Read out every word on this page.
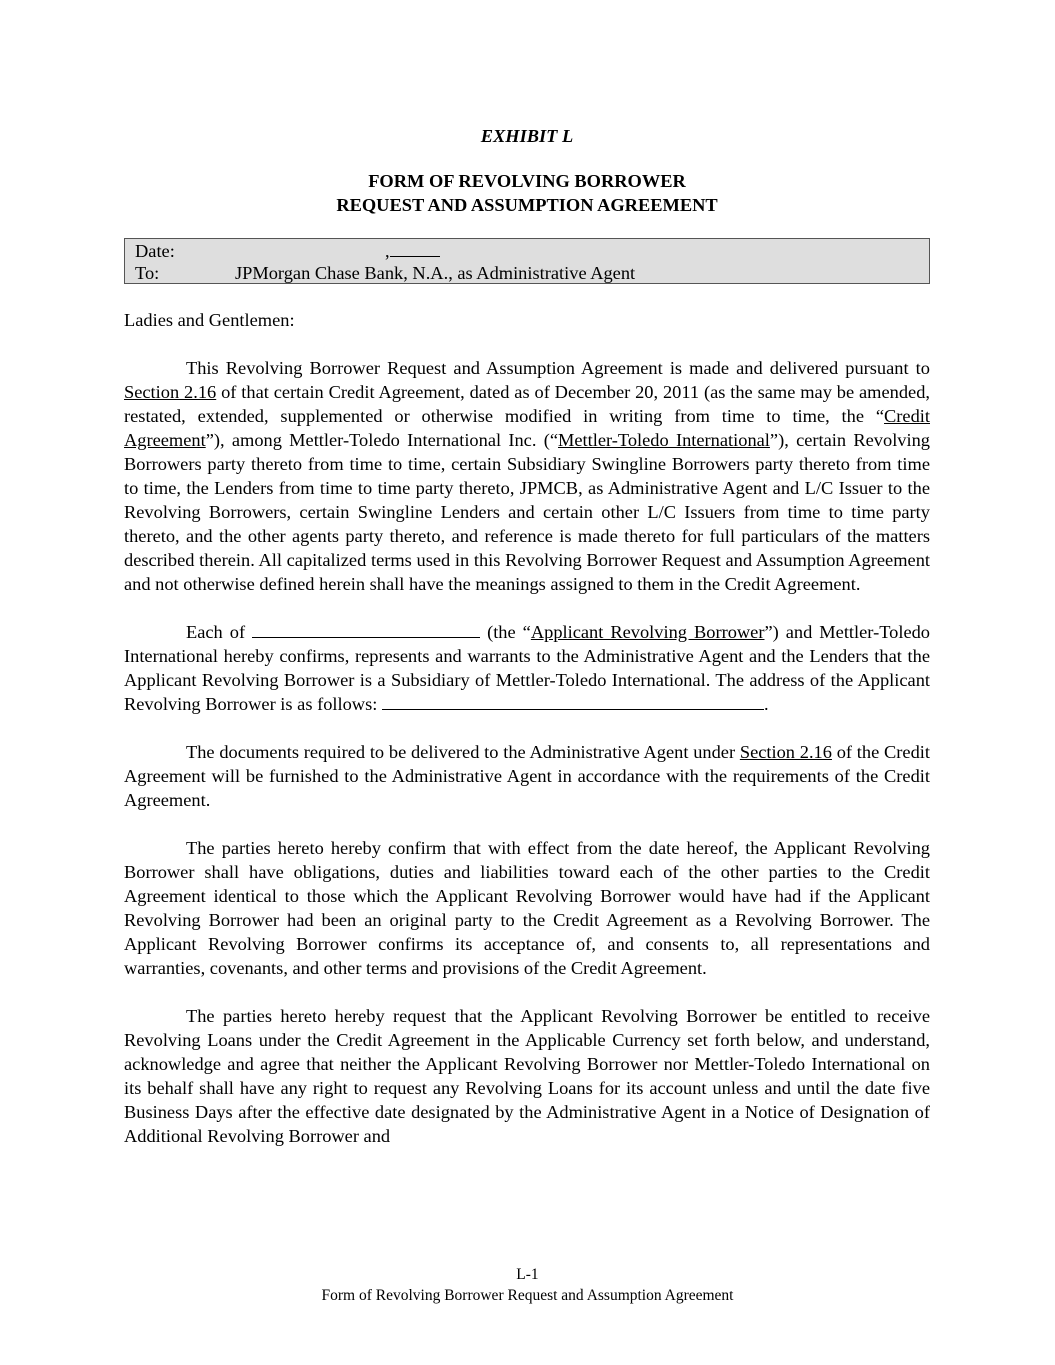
EXHIBIT L

FORM OF REVOLVING BORROWER
REQUEST AND ASSUMPTION AGREEMENT
Date:	,
To:	JPMorgan Chase Bank, N.A., as Administrative Agent

Ladies and Gentlemen:

This Revolving Borrower Request and Assumption Agreement is made and delivered pursuant to Section 2.16 of that certain Credit Agreement, dated as of December 20, 2011 (as the same may be amended, restated, extended, supplemented or otherwise modified in writing from time to time, the “Credit Agreement”), among Mettler-Toledo International Inc. (“Mettler-Toledo International”), certain Revolving Borrowers party thereto from time to time, certain Subsidiary Swingline Borrowers party thereto from time to time, the Lenders from time to time party thereto, JPMCB, as Administrative Agent and L/C Issuer to the Revolving Borrowers, certain Swingline Lenders and certain other L/C Issuers from time to time party thereto, and the other agents party thereto, and reference is made thereto for full particulars of the matters described therein. All capitalized terms used in this Revolving Borrower Request and Assumption Agreement and not otherwise defined herein shall have the meanings assigned to them in the Credit Agreement.

Each of	(the “Applicant Revolving Borrower”) and Mettler-Toledo International hereby confirms, represents and warrants to the Administrative Agent and the Lenders that the Applicant Revolving Borrower is a Subsidiary of Mettler-Toledo International. The address of the Applicant Revolving Borrower is as follows:	.

The documents required to be delivered to the Administrative Agent under Section 2.16 of the Credit Agreement will be furnished to the Administrative Agent in accordance with the requirements of the Credit Agreement.

The parties hereto hereby confirm that with effect from the date hereof, the Applicant Revolving Borrower shall have obligations, duties and liabilities toward each of the other parties to the Credit Agreement identical to those which the Applicant Revolving Borrower would have had if the Applicant Revolving Borrower had been an original party to the Credit Agreement as a Revolving Borrower. The Applicant Revolving Borrower confirms its acceptance of, and consents to, all representations and warranties, covenants, and other terms and provisions of the Credit Agreement.

The parties hereto hereby request that the Applicant Revolving Borrower be entitled to receive Revolving Loans under the Credit Agreement in the Applicable Currency set forth below, and understand, acknowledge and agree that neither the Applicant Revolving Borrower nor Mettler-Toledo International on its behalf shall have any right to request any Revolving Loans for its account unless and until the date five Business Days after the effective date designated by the Administrative Agent in a Notice of Designation of Additional Revolving Borrower and

L-1
Form of Revolving Borrower Request and Assumption Agreement
